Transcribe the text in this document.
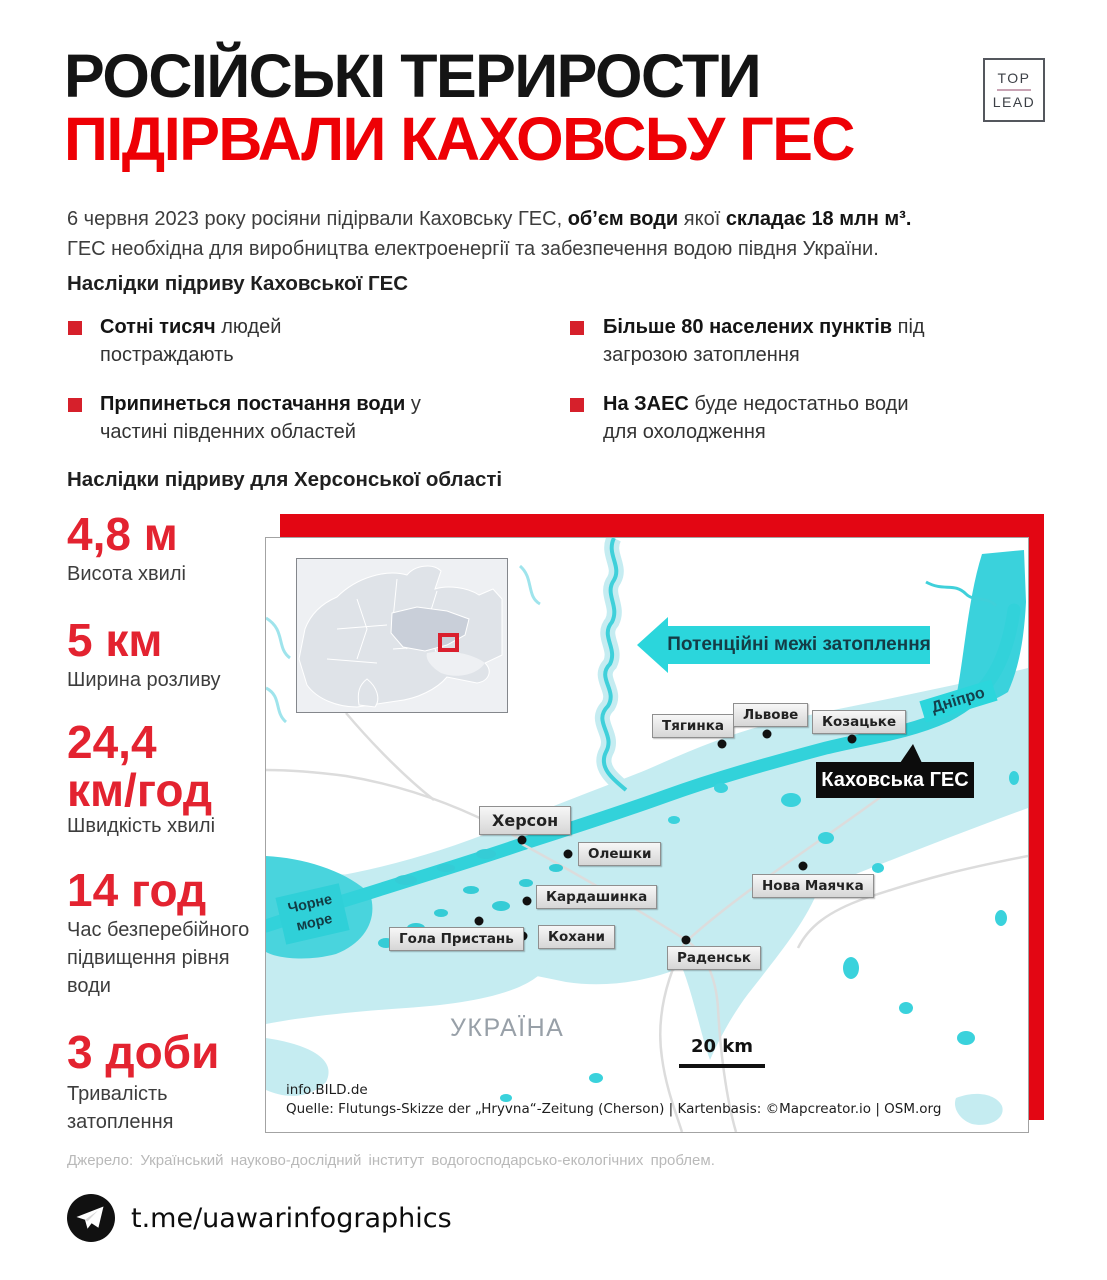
РОСІЙСЬКІ ТЕРИРОСТИ
ПІДІРВАЛИ КАХОВСЬУ ГЕС
TOP
LEAD

6 червня 2023 року росіяни підірвали Каховську ГЕС, об’єм води якої складає 18 млн м³.
ГЕС необхідна для виробництва електроенергії та забезпечення водою півдня України.

Наслідки підриву Каховської ГЕС
Сотні тисяч людей постраждають
Припинеться постачання води у частині південних областей
Більше 80 населених пунктів під загрозою затоплення
На ЗАЕС буде недостатньо води для охолодження
Наслідки підриву для Херсонської області
4,8 м
Висота хвилі
5 км
Ширина розливу
24,4 км/год
Швидкість хвилі
14 год
Час безперебійного підвищення рівня води
3 доби
Тривалість затоплення
Потенційні межі затоплення
Дніпро
Чорне
море
Тягинка
Львове	Козацьке
Херсон
Олешки
Нова Маячка
Кардашинка
Кохани
Гола Пристань
Раденськ
Каховська ГЕС
УКРАЇНА
20 km
info.BILD.de
Quelle: Flutungs-Skizze der „Hryvna“-Zeitung (Cherson) | Kartenbasis: ©Mapcreator.io | OSM.org
Джерело: Український науково-дослідний інститут водогосподарсько-екологічних проблем.
t.me/uawarinfographics
